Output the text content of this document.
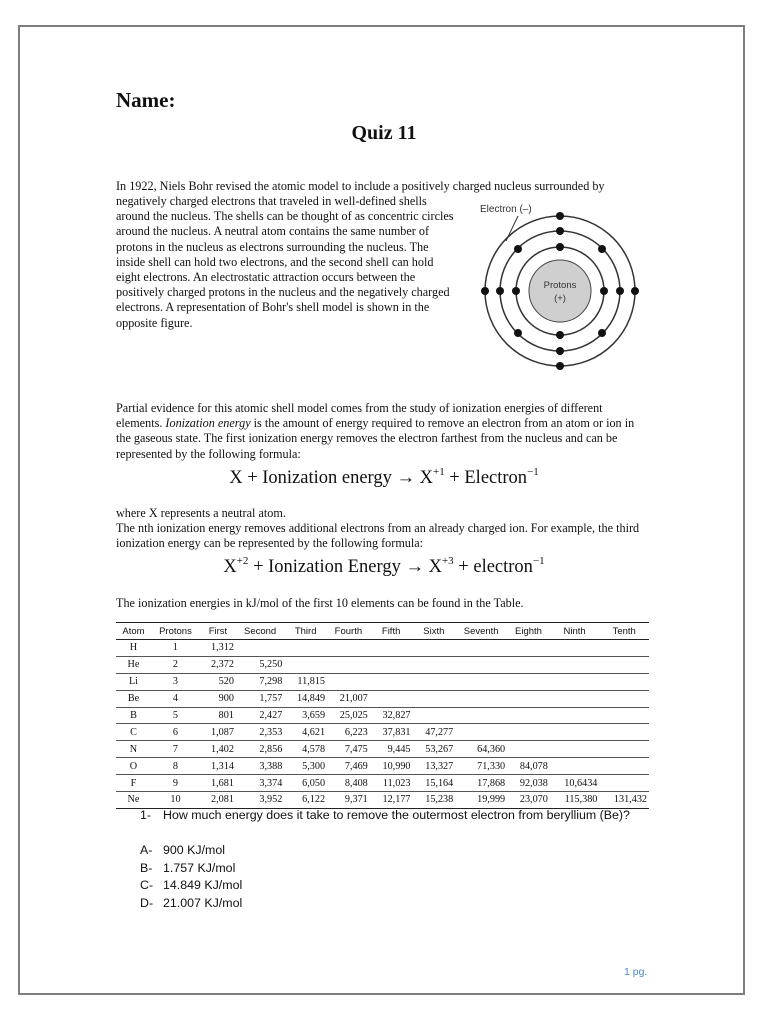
Name:
Quiz 11
In 1922, Niels Bohr revised the atomic model to include a positively charged nucleus surrounded by
negatively charged electrons that traveled in well-defined shells around the nucleus. The shells can be thought of as concentric circles around the nucleus. A neutral atom contains the same number of protons in the nucleus as electrons surrounding the nucleus. The inside shell can hold two electrons, and the second shell can hold eight electrons. An electrostatic attraction occurs between the positively charged protons in the nucleus and the negatively charged electrons. A representation of Bohr's shell model is shown in the opposite figure.
Electron (–)
Protons
(+)
Partial evidence for this atomic shell model comes from the study of ionization energies of different elements. Ionization energy is the amount of energy required to remove an electron from an atom or ion in the gaseous state. The first ionization energy removes the electron farthest from the nucleus and can be represented by the following formula:
X + Ionization energy → $X^{+1}$ + Electron$^{-1}$
where X represents a neutral atom.
The nth ionization energy removes additional electrons from an already charged ion. For example, the third ionization energy can be represented by the following formula:
$X^{+2}$ + Ionization Energy → $X^{+3}$ + electron$^{-1}$
The ionization energies in kJ/mol of the first 10 elements can be found in the Table.
Atom	Protons	First	Second	Third	Fourth	Fifth	Sixth	Seventh	Eighth	Ninth	Tenth
H	1	1,312									
He	2	2,372	5,250								
Li	3	520	7,298	11,815							
Be	4	900	1,757	14,849	21,007						
B	5	801	2,427	3,659	25,025	32,827					
C	6	1,087	2,353	4,621	6,223	37,831	47,277				
N	7	1,402	2,856	4,578	7,475	9,445	53,267	64,360			
O	8	1,314	3,388	5,300	7,469	10,990	13,327	71,330	84,078		
F	9	1,681	3,374	6,050	8,408	11,023	15,164	17,868	92,038	10,6434	
Ne	10	2,081	3,952	6,122	9,371	12,177	15,238	19,999	23,070	115,380	131,432
1- How much energy does it take to remove the outermost electron from beryllium (Be)?
A- 900 KJ/mol
B- 1.757 KJ/mol
C- 14.849 KJ/mol
D- 21.007 KJ/mol
1 pg.
